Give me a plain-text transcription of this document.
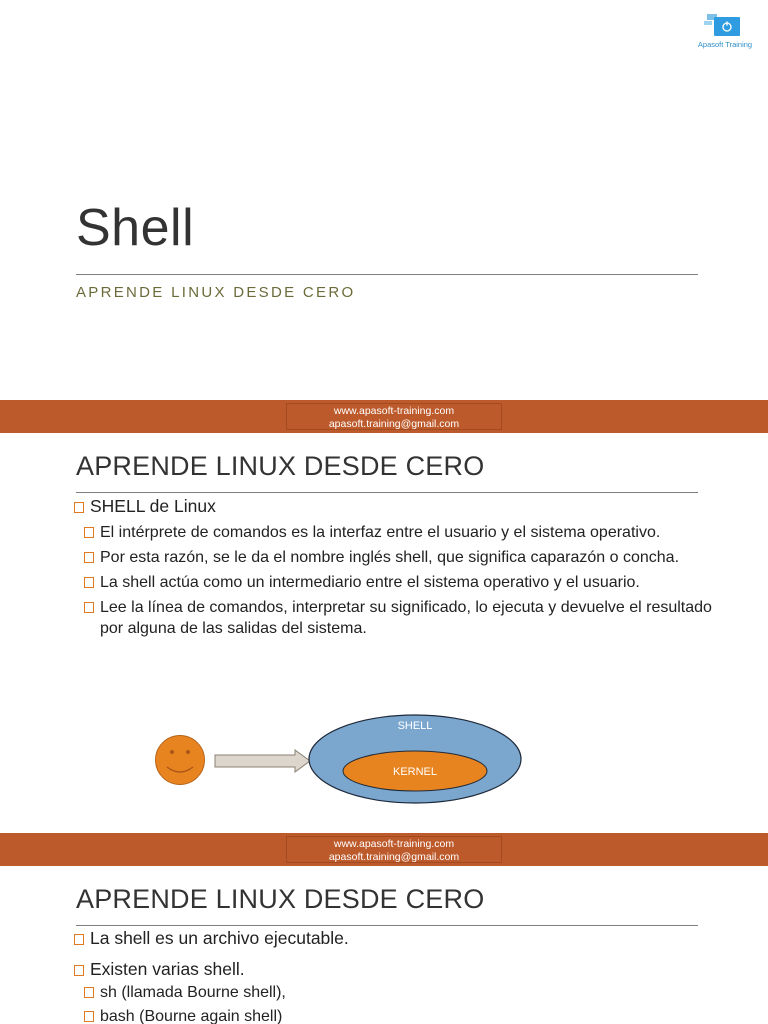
Apasoft Training
Shell
APRENDE LINUX DESDE CERO
www.apasoft-training.com
apasoft.training@gmail.com
APRENDE LINUX DESDE CERO
SHELL de Linux
El intérprete de comandos es la interfaz entre el usuario y el sistema operativo.
Por esta razón, se le da el nombre inglés shell, que significa caparazón o concha.
La shell actúa como un intermediario entre el sistema operativo y el usuario.
Lee la línea de comandos, interpretar su significado, lo ejecuta y devuelve el resultado por alguna de las salidas del sistema.
SHELL
KERNEL
www.apasoft-training.com
apasoft.training@gmail.com
APRENDE LINUX DESDE CERO
La shell es un archivo ejecutable.
Existen varias shell.
sh (llamada Bourne shell),
bash (Bourne again shell)
